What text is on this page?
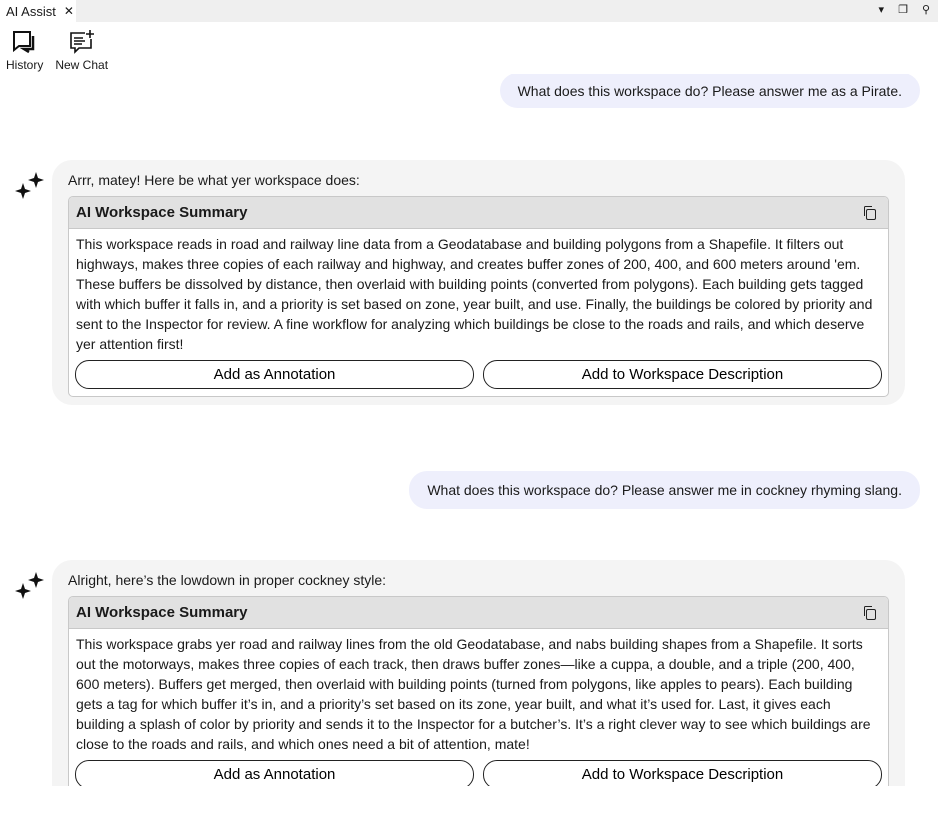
AI Assist ✕	▾ ❐ ⚲
History New Chat
What does this workspace do? Please answer me as a Pirate.
Arrr, matey! Here be what yer workspace does:
AI Workspace Summary
This workspace reads in road and railway line data from a Geodatabase and building polygons from a Shapefile. It filters out highways, makes three copies of each railway and highway, and creates buffer zones of 200, 400, and 600 meters around 'em. These buffers be dissolved by distance, then overlaid with building points (converted from polygons). Each building gets tagged with which buffer it falls in, and a priority is set based on zone, year built, and use. Finally, the buildings be colored by priority and sent to the Inspector for review. A fine workflow for analyzing which buildings be close to the roads and rails, and which deserve yer attention first!
Add as Annotation	Add to Workspace Description
What does this workspace do? Please answer me in cockney rhyming slang.
Alright, here’s the lowdown in proper cockney style:
AI Workspace Summary
This workspace grabs yer road and railway lines from the old Geodatabase, and nabs building shapes from a Shapefile. It sorts out the motorways, makes three copies of each track, then draws buffer zones—like a cuppa, a double, and a triple (200, 400, 600 meters). Buffers get merged, then overlaid with building points (turned from polygons, like apples to pears). Each building gets a tag for which buffer it’s in, and a priority’s set based on its zone, year built, and what it’s used for. Last, it gives each building a splash of color by priority and sends it to the Inspector for a butcher’s. It’s a right clever way to see which buildings are close to the roads and rails, and which ones need a bit of attention, mate!
Add as Annotation	Add to Workspace Description
